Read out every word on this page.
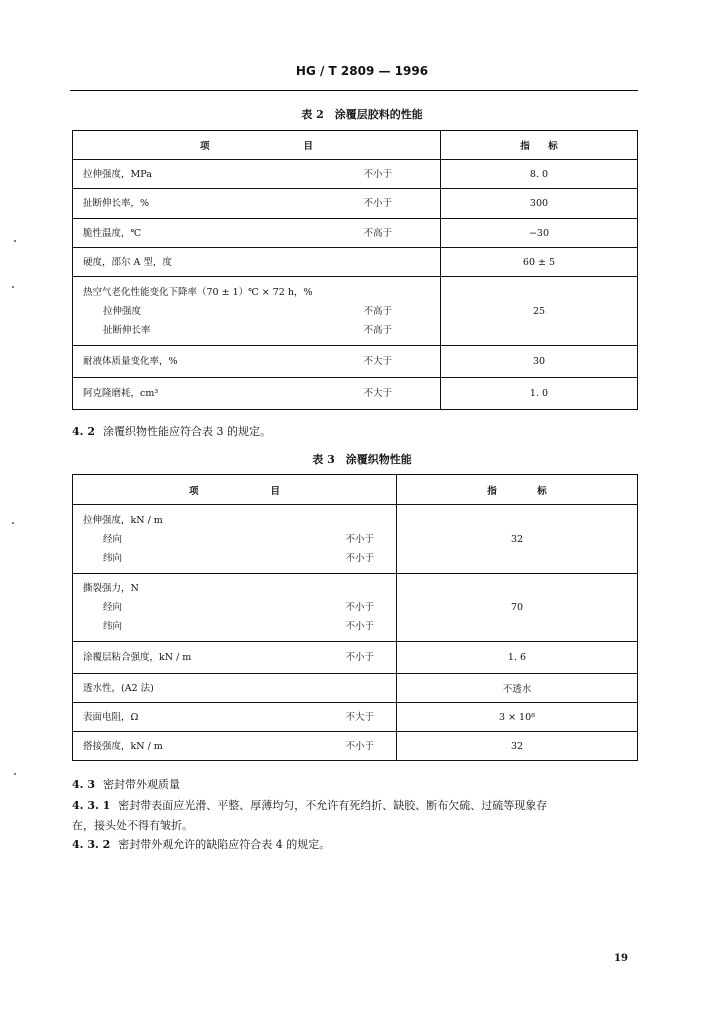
HG / T 2809 — 1996
表 2　涂覆层胶料的性能
项 目	指 标

拉伸强度，MPa 不小于	8. 0

扯断伸长率，% 不小于	300

脆性温度，℃ 不高于	−30

硬度，邵尔 A 型，度	60 ± 5

热空气老化性能变化下降率（70 ± 1）℃ × 72 h，%
拉伸强度 不高于
扯断伸长率 不高于	25

耐液体质量变化率，% 不大于	30

阿克隆磨耗，cm³ 不大于	1. 0
4. 2 涂覆织物性能应符合表 3 的规定。
表 3　涂覆织物性能
项 目	指 标

拉伸强度，kN / m
经向 不小于
纬向 不小于	32

撕裂强力，N
经向 不小于
纬向 不小于	70

涂覆层粘合强度，kN / m 不小于	1. 6

透水性，(A2 法)	不透水

表面电阻，Ω 不大于	3 × 10⁸

搭接强度，kN / m 不小于	32
4. 3 密封带外观质量
4. 3. 1 密封带表面应光滑、平整、厚薄均匀，不允许有死绉折、缺胶、断布欠硫、过硫等现象存
在，接头处不得有皱折。
4. 3. 2 密封带外观允许的缺陷应符合表 4 的规定。
19
